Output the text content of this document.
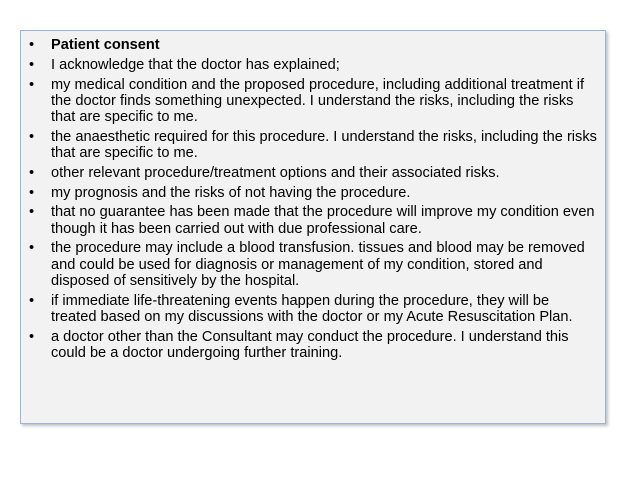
• Patient consent
• I acknowledge that the doctor has explained;
• my medical condition and the proposed procedure, including additional treatment if the doctor finds something unexpected. I understand the risks, including the risks that are specific to me.
• the anaesthetic required for this procedure. I understand the risks, including the risks that are specific to me.
• other relevant procedure/treatment options and their associated risks.
• my prognosis and the risks of not having the procedure.
• that no guarantee has been made that the procedure will improve my condition even though it has been carried out with due professional care.
• the procedure may include a blood transfusion. tissues and blood may be removed and could be used for diagnosis or management of my condition, stored and disposed of sensitively by the hospital.
• if immediate life-threatening events happen during the procedure, they will be treated based on my discussions with the doctor or my Acute Resuscitation Plan.
• a doctor other than the Consultant may conduct the procedure. I understand this could be a doctor undergoing further training.
